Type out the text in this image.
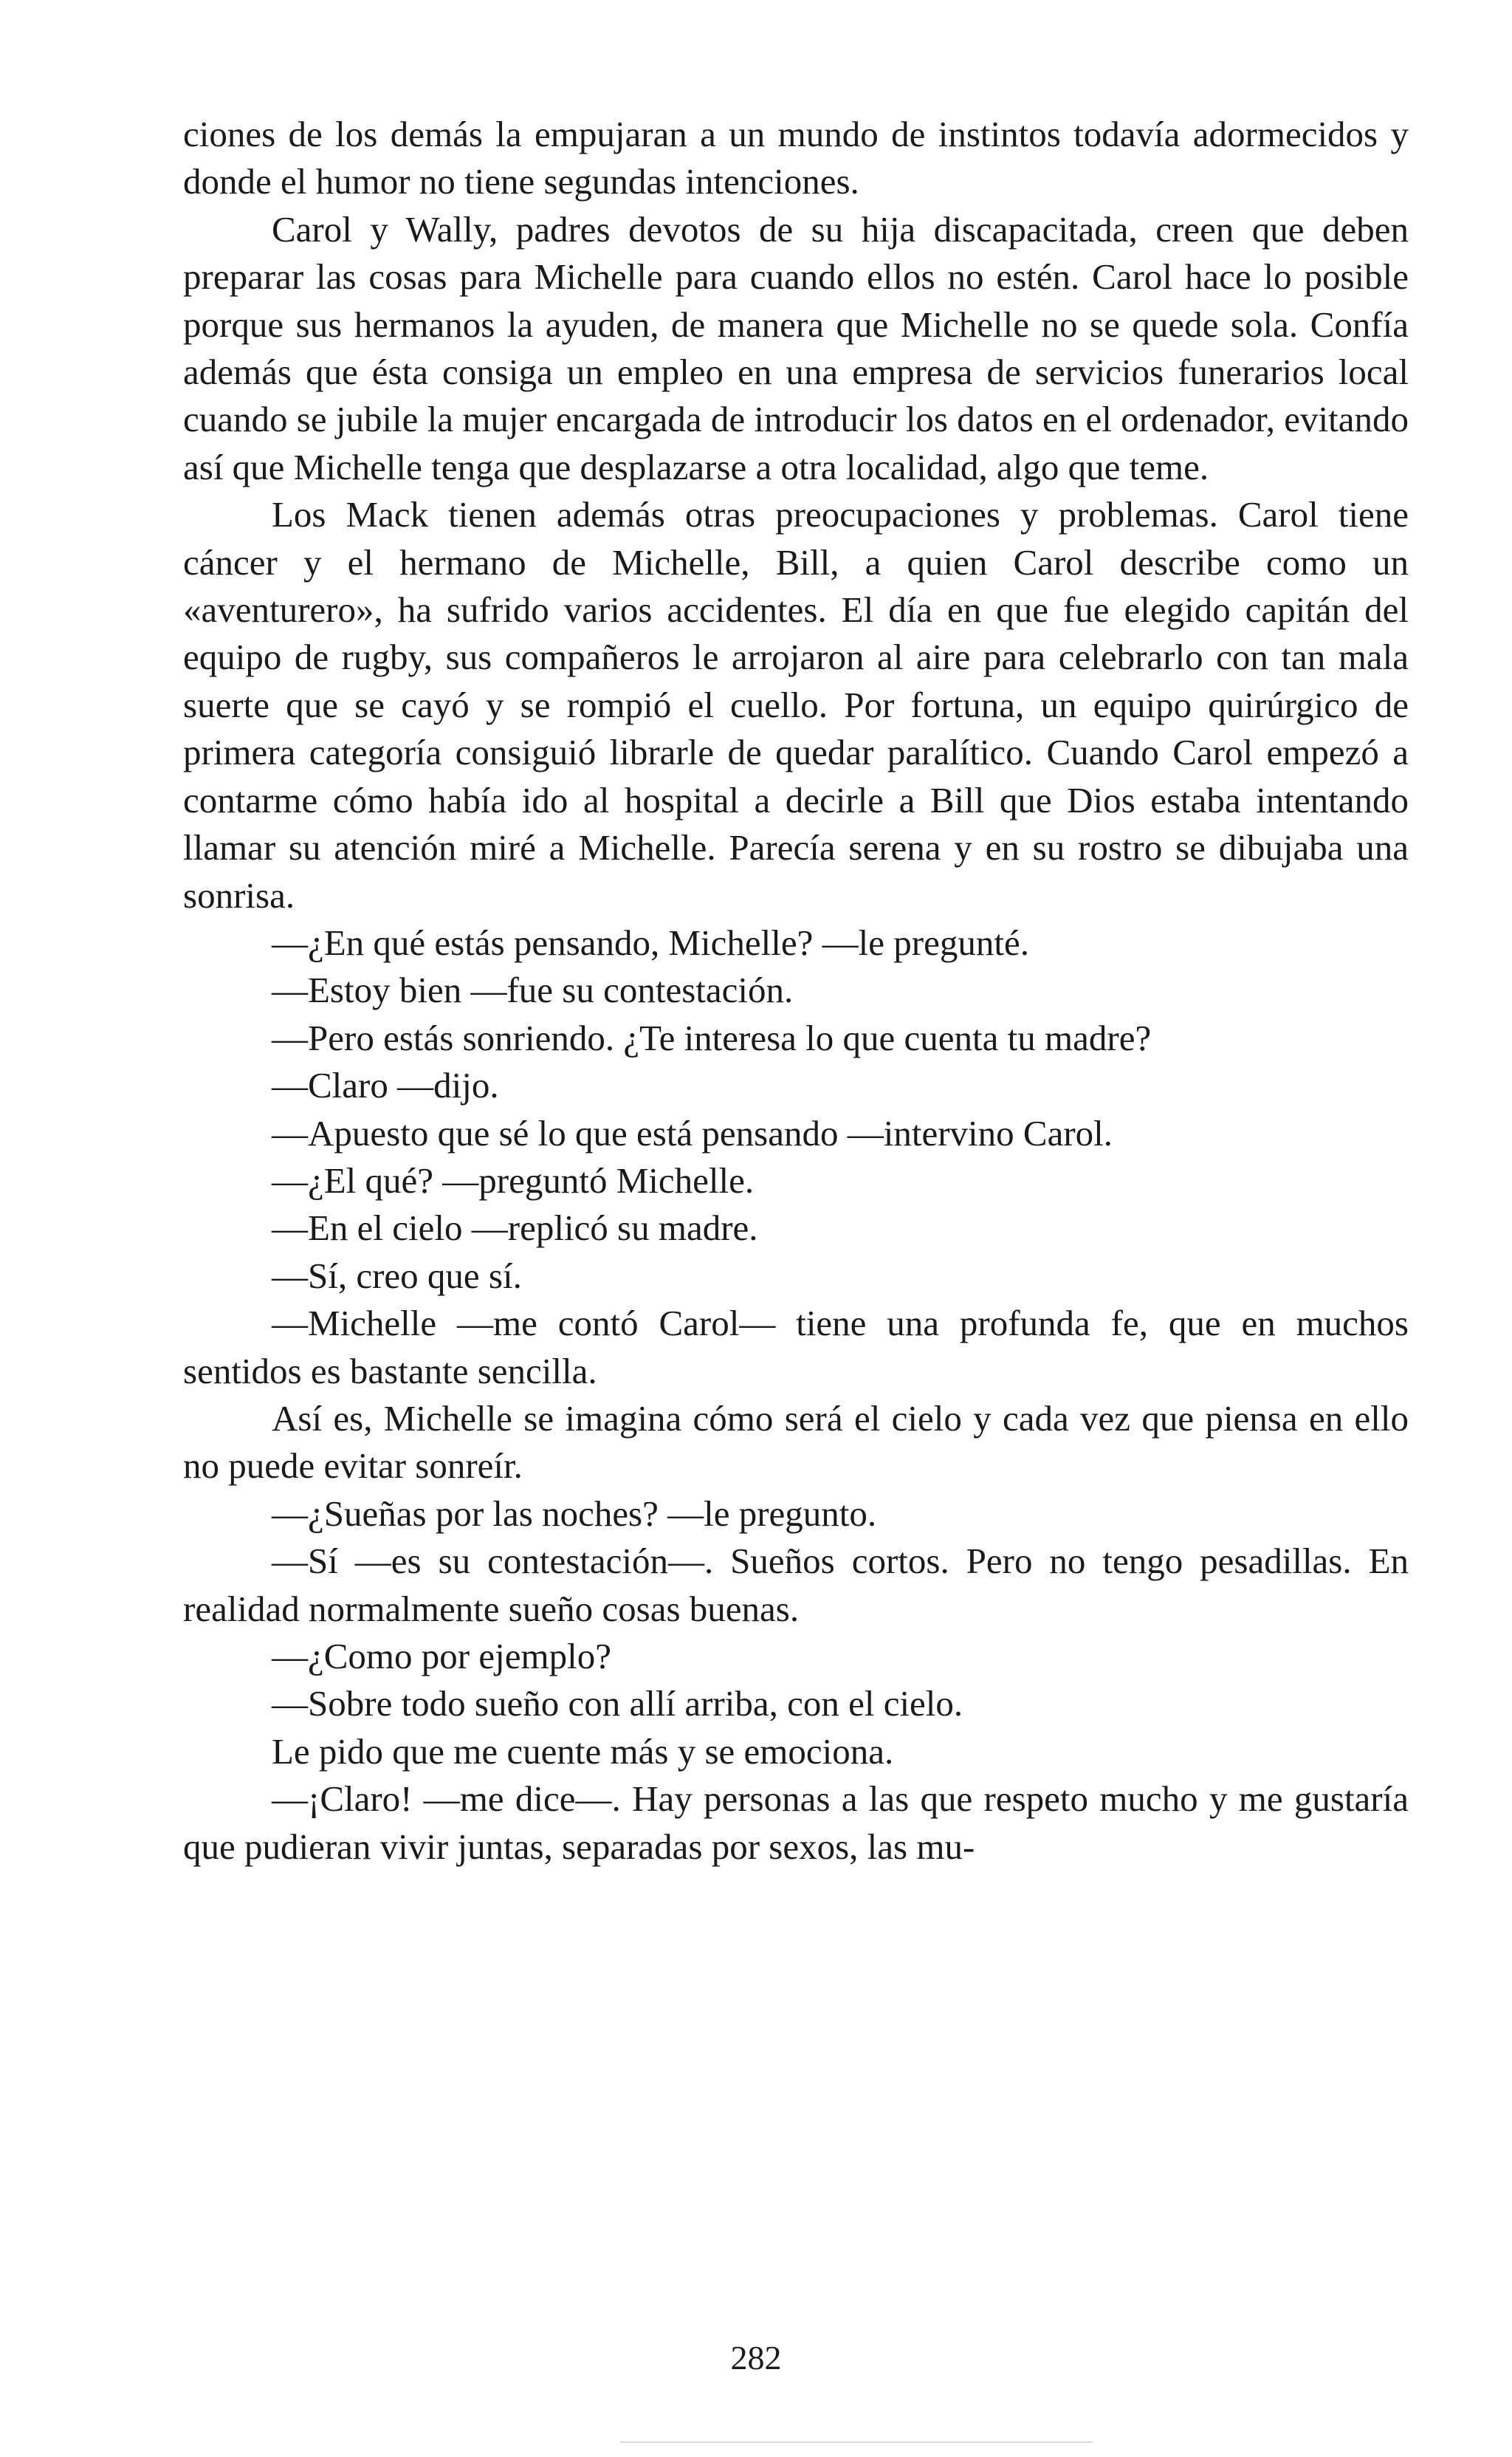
ciones de los demás la empujaran a un mundo de instintos todavía adormecidos y donde el humor no tiene segundas intenciones.

Carol y Wally, padres devotos de su hija discapacitada, creen que deben preparar las cosas para Michelle para cuando ellos no estén. Carol hace lo posible porque sus hermanos la ayuden, de manera que Michelle no se quede sola. Confía además que ésta consiga un empleo en una empresa de servicios funerarios local cuando se jubile la mujer encargada de introducir los datos en el ordenador, evitando así que Michelle tenga que desplazarse a otra localidad, algo que teme.

Los Mack tienen además otras preocupaciones y problemas. Carol tiene cáncer y el hermano de Michelle, Bill, a quien Carol describe como un «aventurero», ha sufrido varios accidentes. El día en que fue elegido capitán del equipo de rugby, sus compañeros le arrojaron al aire para celebrarlo con tan mala suerte que se cayó y se rompió el cuello. Por fortuna, un equipo quirúrgico de primera categoría consiguió librarle de quedar paralítico. Cuando Carol empezó a contarme cómo había ido al hospital a decirle a Bill que Dios estaba intentando llamar su atención miré a Michelle. Parecía serena y en su rostro se dibujaba una sonrisa.

—¿En qué estás pensando, Michelle? —le pregunté.

—Estoy bien —fue su contestación.

—Pero estás sonriendo. ¿Te interesa lo que cuenta tu madre?

—Claro —dijo.

—Apuesto que sé lo que está pensando —intervino Carol.

—¿El qué? —preguntó Michelle.

—En el cielo —replicó su madre.

—Sí, creo que sí.

—Michelle —me contó Carol— tiene una profunda fe, que en muchos sentidos es bastante sencilla.

Así es, Michelle se imagina cómo será el cielo y cada vez que piensa en ello no puede evitar sonreír.

—¿Sueñas por las noches? —le pregunto.

—Sí —es su contestación—. Sueños cortos. Pero no tengo pesadillas. En realidad normalmente sueño cosas buenas.

—¿Como por ejemplo?

—Sobre todo sueño con allí arriba, con el cielo.

Le pido que me cuente más y se emociona.

—¡Claro! —me dice—. Hay personas a las que respeto mucho y me gustaría que pudieran vivir juntas, separadas por sexos, las mu-

282
